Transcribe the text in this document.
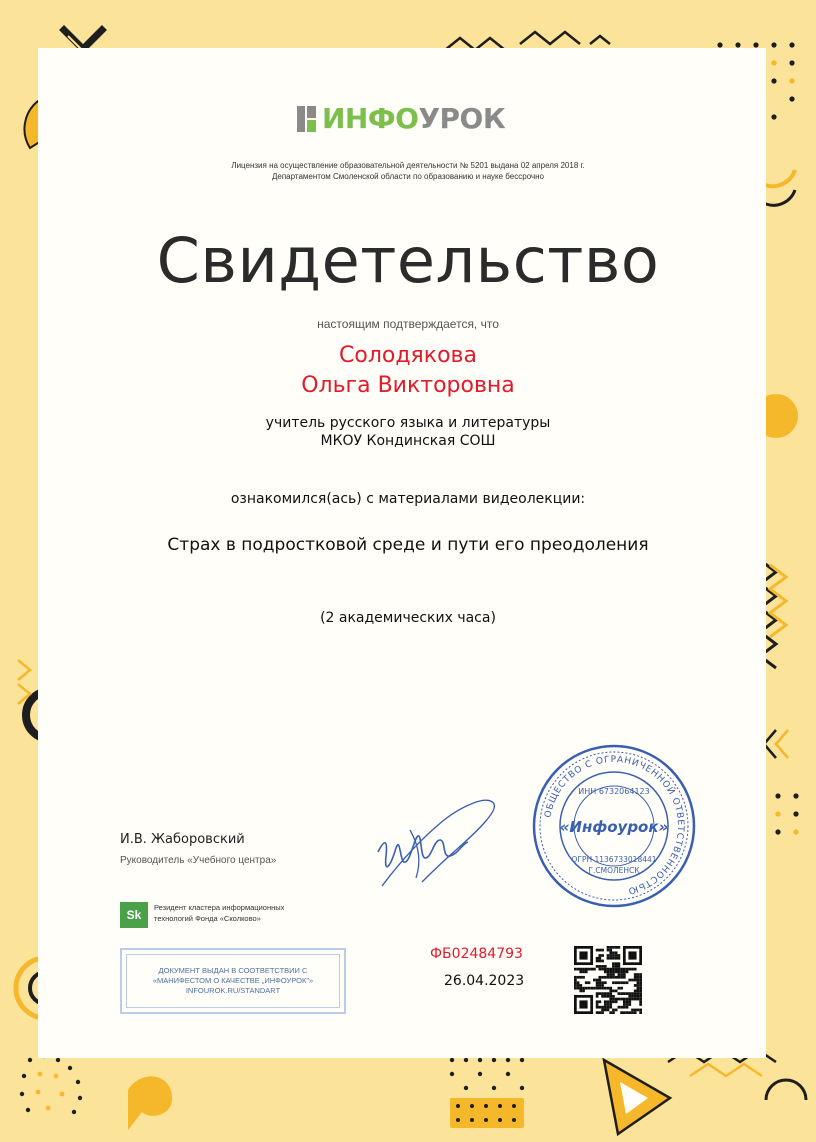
ИНФОУРОК
Лицензия на осуществление образовательной деятельности № 5201 выдана 02 апреля 2018 г.
Департаментом Смоленской области по образованию и науке бессрочно
Свидетельство
настоящим подтверждается, что
Солодякова
Ольга Викторовна
учитель русского языка и литературы
МКОУ Кондинская СОШ
ознакомился(ась) с материалами видеолекции:
Страх в подростковой среде и пути его преодоления
(2 академических часа)
ОБЩЕСТВО С ОГРАНИЧЕННОЙ ОТВЕТСТВЕННОСТЬЮ
ИНН 6732064123
«Инфоурок»
ОГРН 1136733018441
Г.СМОЛЕНСК
И.В. Жаборовский
Руководитель «Учебного центра»
Sk
Резидент кластера информационных
технологий Фонда «Сколково»
ДОКУМЕНТ ВЫДАН В СООТВЕТСТВИИ С
«МАНИФЕСТОМ О КАЧЕСТВЕ „ИНФОУРОК"»
INFOUROK.RU/STANDART
ФБ02484793
26.04.2023
